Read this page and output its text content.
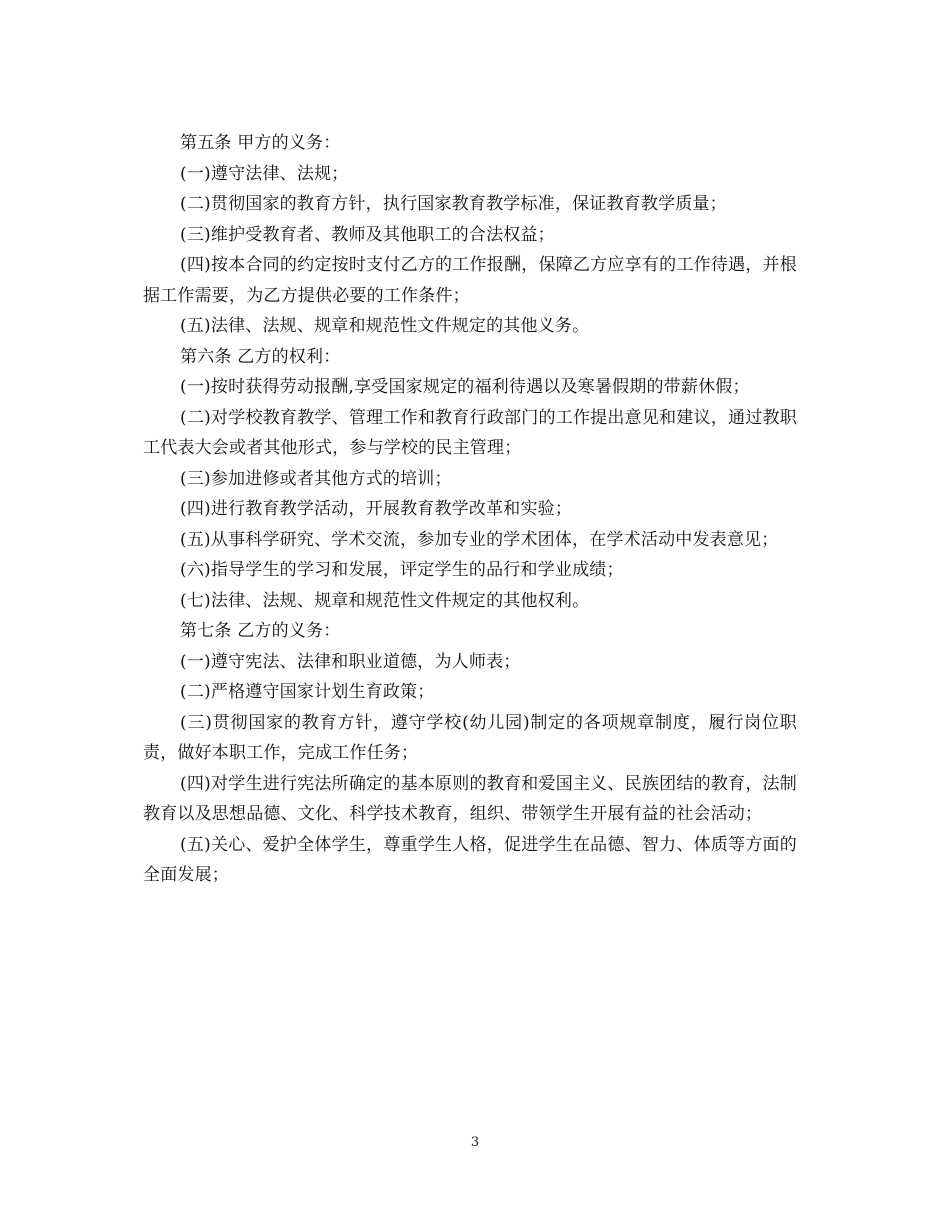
第五条 甲方的义务：

(一)遵守法律、法规；

(二)贯彻国家的教育方针，执行国家教育教学标准，保证教育教学质量；

(三)维护受教育者、教师及其他职工的合法权益；

(四)按本合同的约定按时支付乙方的工作报酬，保障乙方应享有的工作待遇，并根据工作需要，为乙方提供必要的工作条件；

(五)法律、法规、规章和规范性文件规定的其他义务。

第六条 乙方的权利：

(一)按时获得劳动报酬,享受国家规定的福利待遇以及寒暑假期的带薪休假；

(二)对学校教育教学、管理工作和教育行政部门的工作提出意见和建议，通过教职工代表大会或者其他形式，参与学校的民主管理；

(三)参加进修或者其他方式的培训；

(四)进行教育教学活动，开展教育教学改革和实验；

(五)从事科学研究、学术交流，参加专业的学术团体，在学术活动中发表意见；

(六)指导学生的学习和发展，评定学生的品行和学业成绩；

(七)法律、法规、规章和规范性文件规定的其他权利。

第七条 乙方的义务：

(一)遵守宪法、法律和职业道德，为人师表；

(二)严格遵守国家计划生育政策；

(三)贯彻国家的教育方针，遵守学校(幼儿园)制定的各项规章制度，履行岗位职责，做好本职工作，完成工作任务；

(四)对学生进行宪法所确定的基本原则的教育和爱国主义、民族团结的教育，法制教育以及思想品德、文化、科学技术教育，组织、带领学生开展有益的社会活动；

(五)关心、爱护全体学生，尊重学生人格，促进学生在品德、智力、体质等方面的全面发展；

3
